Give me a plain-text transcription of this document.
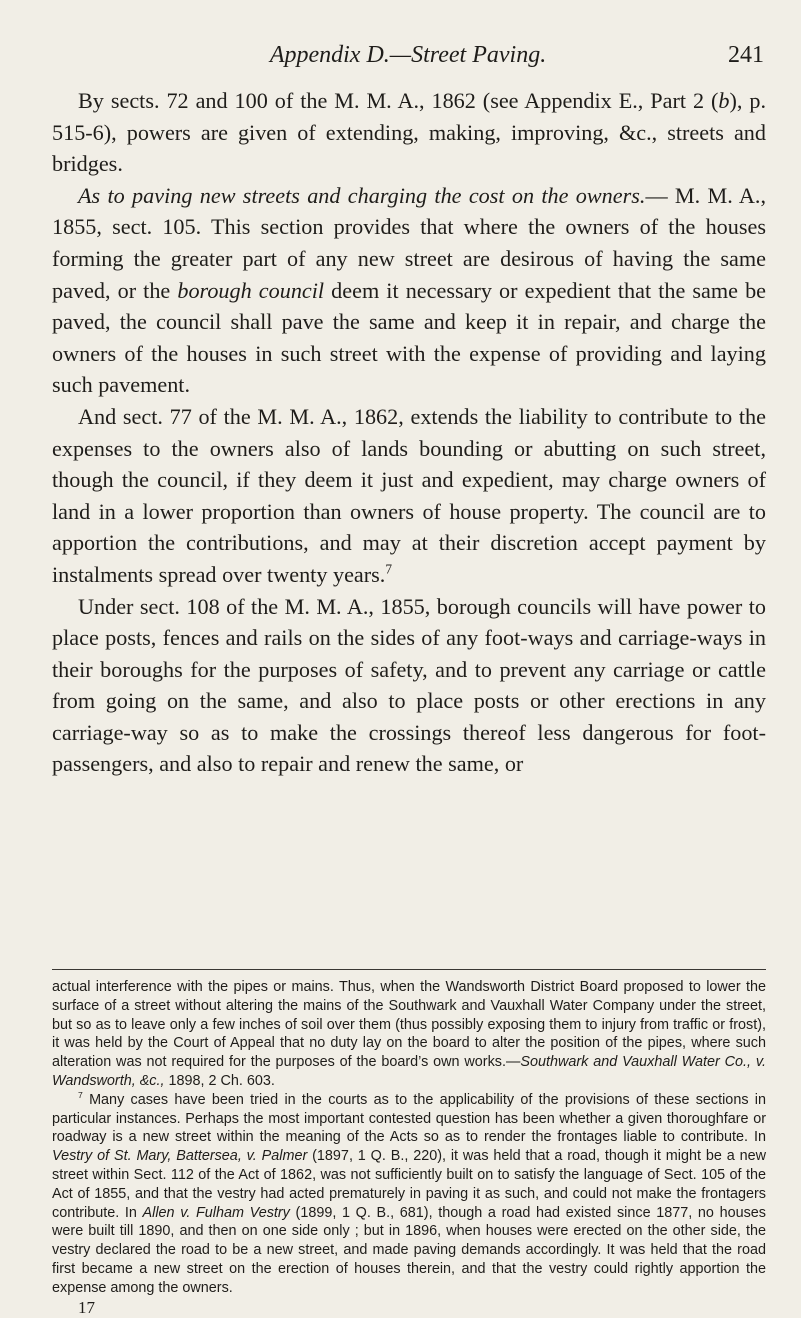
Appendix D.—Street Paving.	241

By sects. 72 and 100 of the M. M. A., 1862 (see Appendix E., Part 2 (b), p. 515-6), powers are given of extending, making, improving, &c., streets and bridges.

As to paving new streets and charging the cost on the owners.— M. M. A., 1855, sect. 105. This section provides that where the owners of the houses forming the greater part of any new street are desirous of having the same paved, or the borough council deem it necessary or expedient that the same be paved, the council shall pave the same and keep it in repair, and charge the owners of the houses in such street with the expense of providing and laying such pavement.

And sect. 77 of the M. M. A., 1862, extends the liability to contribute to the expenses to the owners also of lands bounding or abutting on such street, though the council, if they deem it just and expedient, may charge owners of land in a lower proportion than owners of house property. The council are to apportion the contributions, and may at their discretion accept payment by instalments spread over twenty years.$^7$

Under sect. 108 of the M. M. A., 1855, borough councils will have power to place posts, fences and rails on the sides of any foot-ways and carriage-ways in their boroughs for the purposes of safety, and to prevent any carriage or cattle from going on the same, and also to place posts or other erections in any carriage-way so as to make the crossings thereof less dangerous for foot-passengers, and also to repair and renew the same, or

actual interference with the pipes or mains. Thus, when the Wandsworth District Board proposed to lower the surface of a street without altering the mains of the Southwark and Vauxhall Water Company under the street, but so as to leave only a few inches of soil over them (thus possibly exposing them to injury from traffic or frost), it was held by the Court of Appeal that no duty lay on the board to alter the position of the pipes, where such alteration was not required for the purposes of the board’s own works.—Southwark and Vauxhall Water Co., v. Wandsworth, &c., 1898, 2 Ch. 603.

$^7$ Many cases have been tried in the courts as to the applicability of the provisions of these sections in particular instances. Perhaps the most important contested question has been whether a given thoroughfare or roadway is a new street within the meaning of the Acts so as to render the frontages liable to contribute. In Vestry of St. Mary, Battersea, v. Palmer (1897, 1 Q. B., 220), it was held that a road, though it might be a new street within Sect. 112 of the Act of 1862, was not sufficiently built on to satisfy the language of Sect. 105 of the Act of 1855, and that the vestry had acted prematurely in paving it as such, and could not make the frontagers contribute. In Allen v. Fulham Vestry (1899, 1 Q. B., 681), though a road had existed since 1877, no houses were built till 1890, and then on one side only ; but in 1896, when houses were erected on the other side, the vestry declared the road to be a new street, and made paving demands accordingly. It was held that the road first became a new street on the erection of houses therein, and that the vestry could rightly apportion the expense among the owners.

17
